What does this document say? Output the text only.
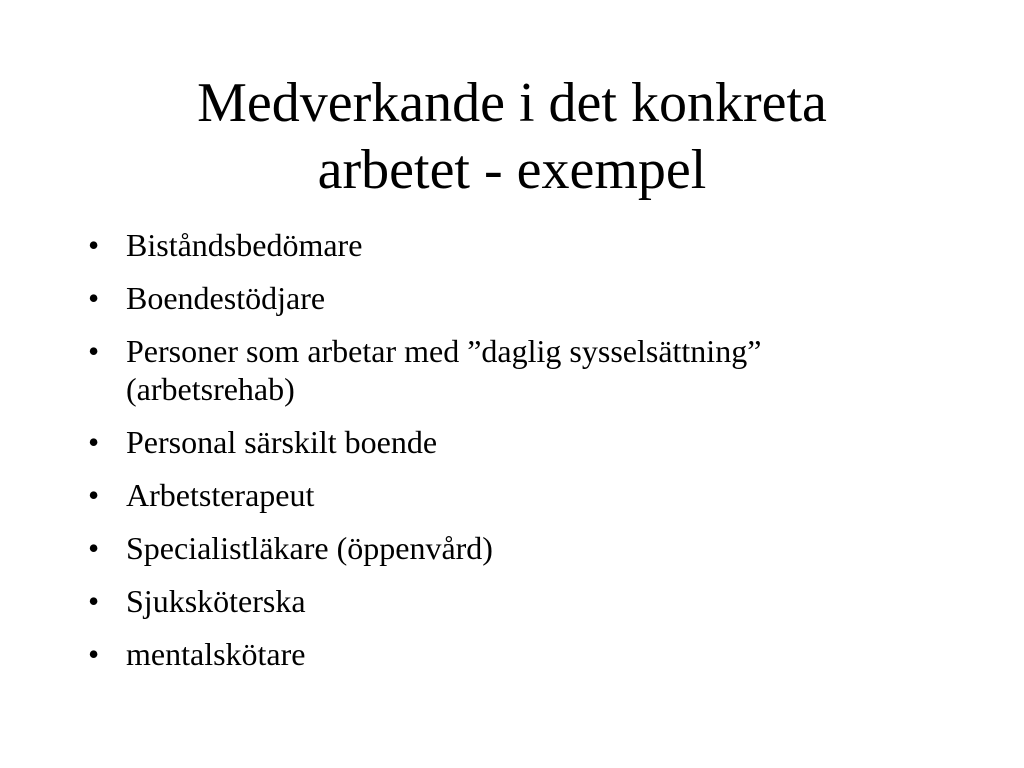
Medverkande i det konkreta
arbetet - exempel
• Biståndsbedömare
• Boendestödjare
• Personer som arbetar med ”daglig sysselsättning”
(arbetsrehab)
• Personal särskilt boende
• Arbetsterapeut
• Specialistläkare (öppenvård)
• Sjuksköterska
• mentalskötare
